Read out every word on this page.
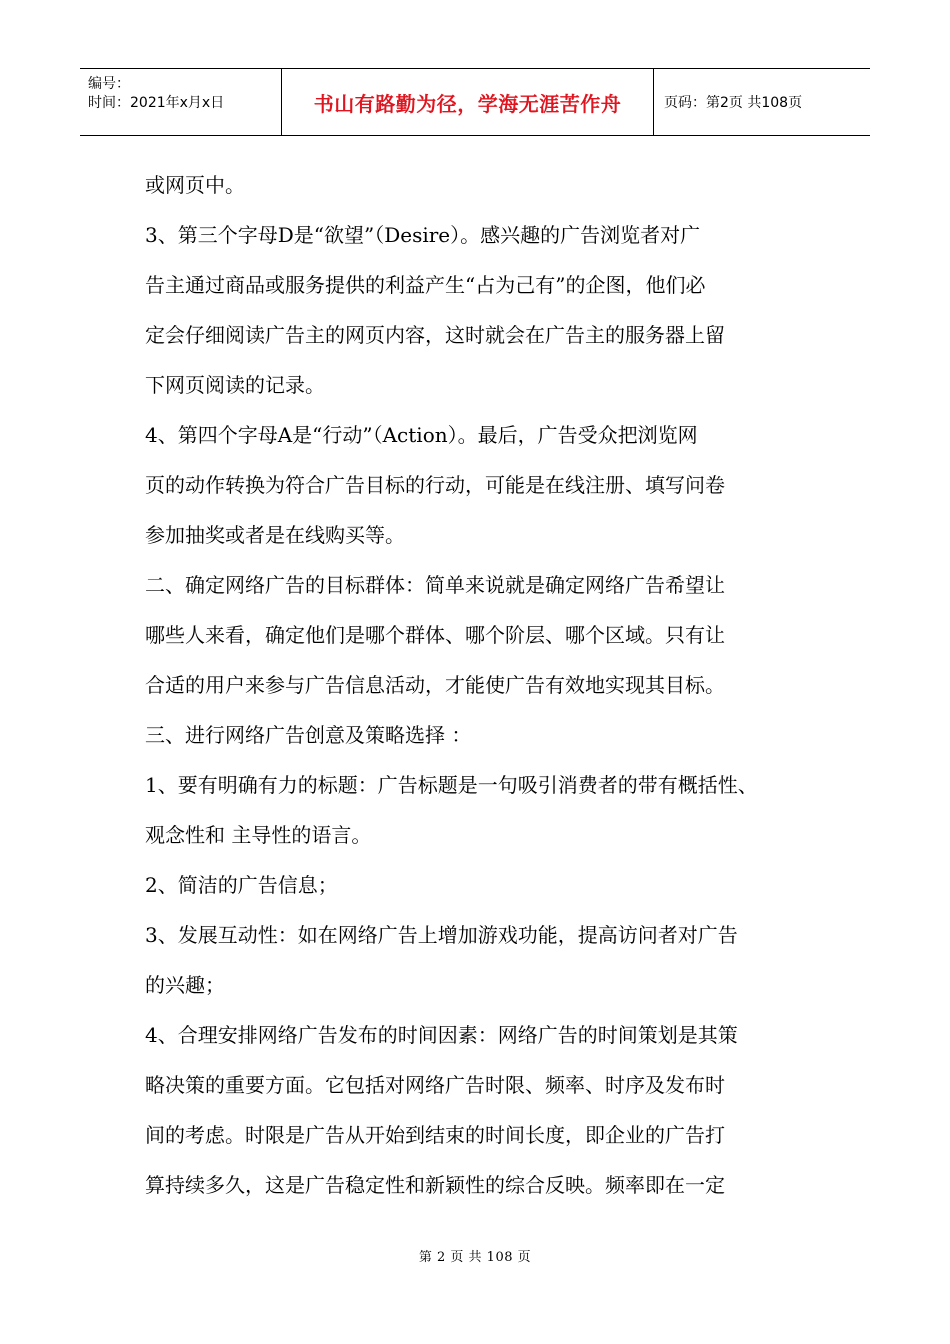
编号：
时间：2021年x月x日	书山有路勤为径，学海无涯苦作舟	页码：第2页 共108页
或网页中。
3、第三个字母D是“欲望”（Desire）。感兴趣的广告浏览者对广
告主通过商品或服务提供的利益产生“占为己有”的企图，他们必
定会仔细阅读广告主的网页内容，这时就会在广告主的服务器上留
下网页阅读的记录。
4、第四个字母A是“行动”（Action）。最后，广告受众把浏览网
页的动作转换为符合广告目标的行动，可能是在线注册、填写问卷
参加抽奖或者是在线购买等。
二、确定网络广告的目标群体：简单来说就是确定网络广告希望让
哪些人来看，确定他们是哪个群体、哪个阶层、哪个区域。只有让
合适的用户来参与广告信息活动，才能使广告有效地实现其目标。
三、进行网络广告创意及策略选择 ：
1、要有明确有力的标题：广告标题是一句吸引消费者的带有概括性、
观念性和 主导性的语言。
2、简洁的广告信息；
3、发展互动性：如在网络广告上增加游戏功能，提高访问者对广告
的兴趣；
4、合理安排网络广告发布的时间因素：网络广告的时间策划是其策
略决策的重要方面。它包括对网络广告时限、频率、时序及发布时
间的考虑。时限是广告从开始到结束的时间长度，即企业的广告打
算持续多久，这是广告稳定性和新颖性的综合反映。频率即在一定
第 2 页 共 108 页
